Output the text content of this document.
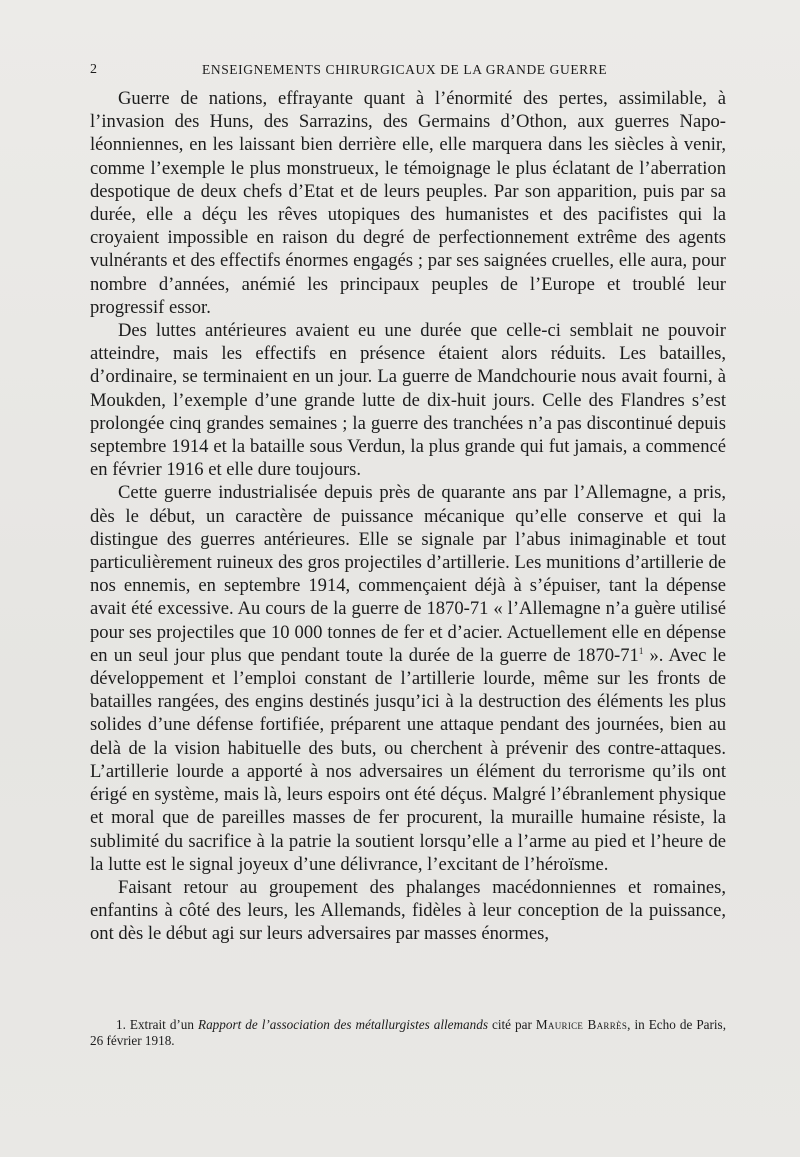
2	ENSEIGNEMENTS CHIRURGICAUX DE LA GRANDE GUERRE

Guerre de nations, effrayante quant à l’énormité des pertes, assimilable, à l’invasion des Huns, des Sarrazins, des Germains d’Othon, aux guerres Napoléonniennes, en les laissant bien derrière elle, elle marquera dans les siècles à venir, comme l’exemple le plus monstrueux, le témoignage le plus éclatant de l’aberration despotique de deux chefs d’Etat et de leurs peuples. Par son apparition, puis par sa durée, elle a déçu les rêves utopiques des humanistes et des pacifistes qui la croyaient impossible en raison du degré de perfectionnement extrême des agents vulnérants et des effectifs énormes engagés ; par ses saignées cruelles, elle aura, pour nombre d’années, anémié les principaux peuples de l’Europe et troublé leur progressif essor.

Des luttes antérieures avaient eu une durée que celle-ci semblait ne pouvoir atteindre, mais les effectifs en présence étaient alors réduits. Les batailles, d’ordinaire, se terminaient en un jour. La guerre de Mandchourie nous avait fourni, à Moukden, l’exemple d’une grande lutte de dix-huit jours. Celle des Flandres s’est prolongée cinq grandes semaines ; la guerre des tranchées n’a pas discontinué depuis septembre 1914 et la bataille sous Verdun, la plus grande qui fut jamais, a commencé en février 1916 et elle dure toujours.

Cette guerre industrialisée depuis près de quarante ans par l’Allemagne, a pris, dès le début, un caractère de puissance mécanique qu’elle conserve et qui la distingue des guerres antérieures. Elle se signale par l’abus inimaginable et tout particulièrement ruineux des gros projectiles d’artillerie. Les munitions d’artillerie de nos ennemis, en septembre 1914, commençaient déjà à s’épuiser, tant la dépense avait été excessive. Au cours de la guerre de 1870-71 « l’Allemagne n’a guère utilisé pour ses projectiles que 10 000 tonnes de fer et d’acier. Actuellement elle en dépense en un seul jour plus que pendant toute la durée de la guerre de $1870-71^1$ ». Avec le développement et l’emploi constant de l’artillerie lourde, même sur les fronts de batailles rangées, des engins destinés jusqu’ici à la destruction des éléments les plus solides d’une défense fortifiée, préparent une attaque pendant des journées, bien au delà de la vision habituelle des buts, ou cherchent à prévenir des contre-attaques. L’artillerie lourde a apporté à nos adversaires un élément du terrorisme qu’ils ont érigé en système, mais là, leurs espoirs ont été déçus. Malgré l’ébranlement physique et moral que de pareilles masses de fer procurent, la muraille humaine résiste, la sublimité du sacrifice à la patrie la soutient lorsqu’elle a l’arme au pied et l’heure de la lutte est le signal joyeux d’une délivrance, l’excitant de l’héroïsme.

Faisant retour au groupement des phalanges macédonniennes et romaines, enfantins à côté des leurs, les Allemands, fidèles à leur conception de la puissance, ont dès le début agi sur leurs adversaires par masses énormes,

1. Extrait d’un Rapport de l’association des métallurgistes allemands cité par Maurice Barrès, in Echo de Paris, 26 février 1918.
